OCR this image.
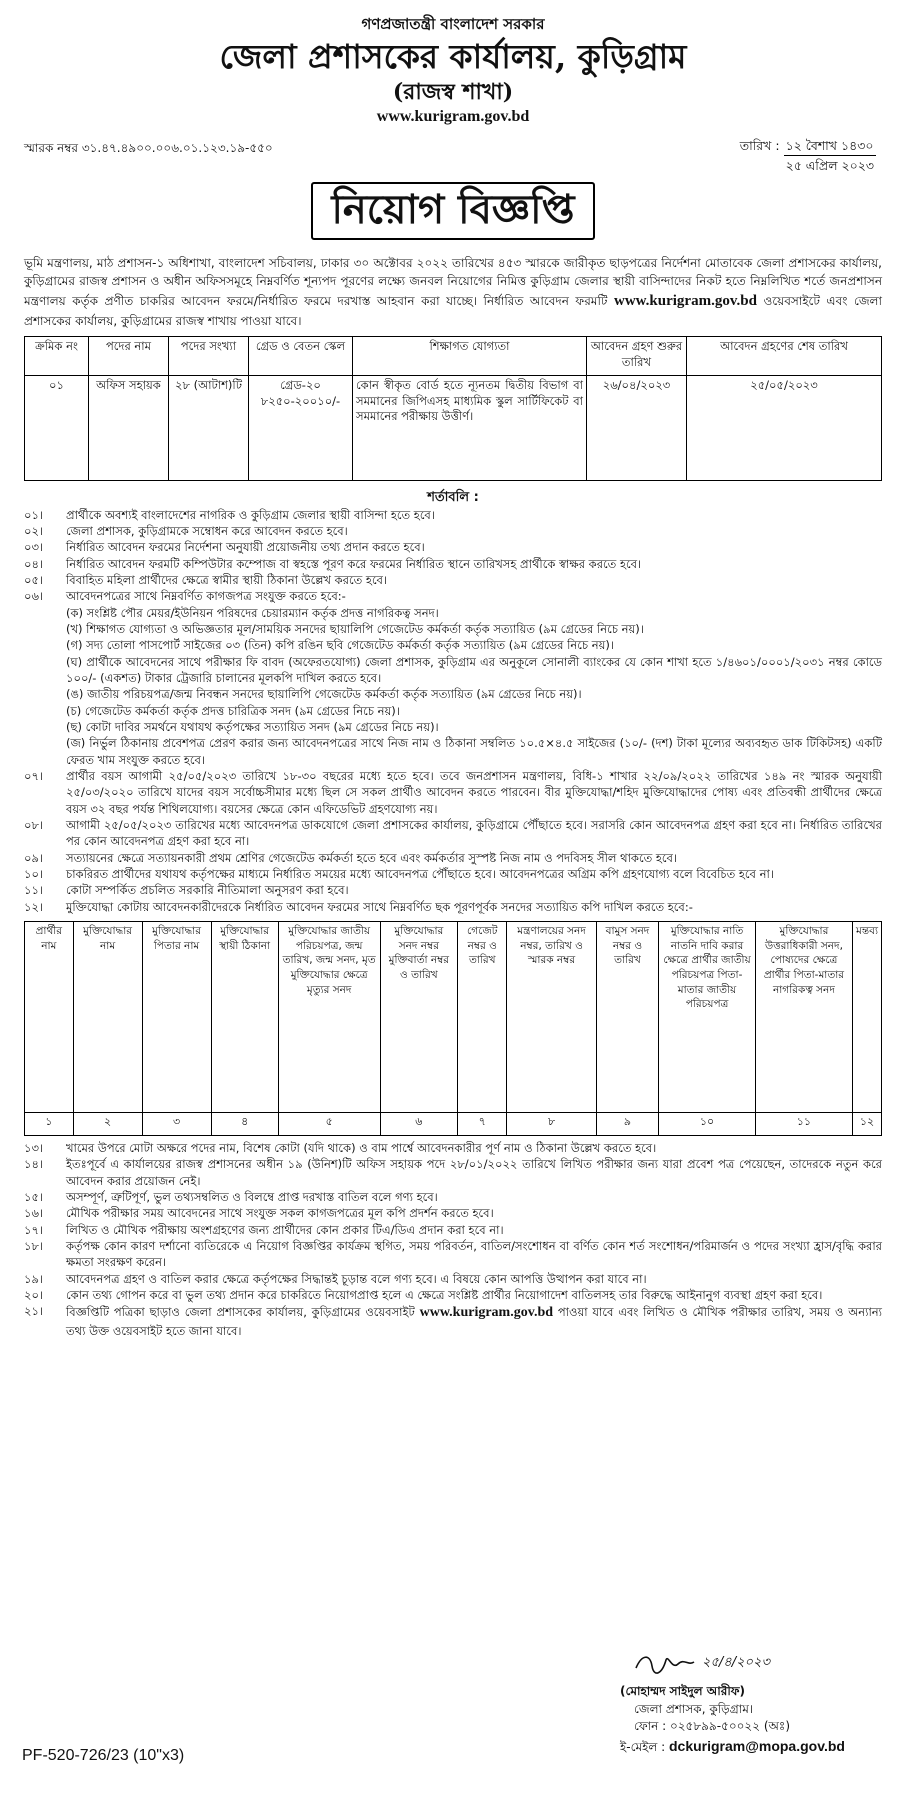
গণপ্রজাতন্ত্রী বাংলাদেশ সরকার
জেলা প্রশাসকের কার্যালয়, কুড়িগ্রাম
(রাজস্ব শাখা)
www.kurigram.gov.bd
স্মারক নম্বর ৩১.৪৭.৪৯০০.০০৬.০১.১২৩.১৯-৫৫০	তারিখ :	১২ বৈশাখ ১৪৩০
২৫ এপ্রিল ২০২৩
নিয়োগ বিজ্ঞপ্তি
ভূমি মন্ত্রণালয়, মাঠ প্রশাসন-১ অধিশাখা, বাংলাদেশ সচিবালয়, ঢাকার ৩০ অক্টোবর ২০২২ তারিখের ৪৫৩ স্মারকে জারীকৃত ছাড়পত্রের নির্দেশনা মোতাবেক জেলা প্রশাসকের কার্যালয়, কুড়িগ্রামের রাজস্ব প্রশাসন ও অধীন অফিসসমূহে নিম্নবর্ণিত শূন্যপদ পূরণের লক্ষ্যে জনবল নিয়োগের নিমিত্ত কুড়িগ্রাম জেলার স্থায়ী বাসিন্দাদের নিকট হতে নিম্নলিখিত শর্তে জনপ্রশাসন মন্ত্রণালয় কর্তৃক প্রণীত চাকরির আবেদন ফরমে/নির্ধারিত ফরমে দরখাস্ত আহবান করা যাচ্ছে। নির্ধারিত আবেদন ফরমটি www.kurigram.gov.bd ওয়েবসাইটে এবং জেলা প্রশাসকের কার্যালয়, কুড়িগ্রামের রাজস্ব শাখায় পাওয়া যাবে।
ক্রমিক নং	পদের নাম	পদের সংখ্যা	গ্রেড ও বেতন স্কেল	শিক্ষাগত যোগ্যতা	আবেদন গ্রহণ শুরুর তারিখ	আবেদন গ্রহণের শেষ তারিখ
০১	অফিস সহায়ক	২৮ (আটাশ)টি	গ্রেড-২০ ৮২৫০-২০০১০/-	কোন স্বীকৃত বোর্ড হতে ন্যূনতম দ্বিতীয় বিভাগ বা সমমানের জিপিএসহ মাধ্যমিক স্কুল সার্টিফিকেট বা সমমানের পরীক্ষায় উত্তীর্ণ।	২৬/০৪/২০২৩	২৫/০৫/২০২৩
শর্তাবলি :
০১।	প্রার্থীকে অবশ্যই বাংলাদেশের নাগরিক ও কুড়িগ্রাম জেলার স্থায়ী বাসিন্দা হতে হবে।
০২।	জেলা প্রশাসক, কুড়িগ্রামকে সম্বোধন করে আবেদন করতে হবে।
০৩।	নির্ধারিত আবেদন ফরমের নির্দেশনা অনুযায়ী প্রয়োজনীয় তথ্য প্রদান করতে হবে।
০৪।	নির্ধারিত আবেদন ফরমটি কম্পিউটার কম্পোজ বা স্বহস্তে পূরণ করে ফরমের নির্ধারিত স্থানে তারিখসহ প্রার্থীকে স্বাক্ষর করতে হবে।
০৫।	বিবাহিত মহিলা প্রার্থীদের ক্ষেত্রে স্বামীর স্থায়ী ঠিকানা উল্লেখ করতে হবে।
০৬।	আবেদনপত্রের সাথে নিম্নবর্ণিত কাগজপত্র সংযুক্ত করতে হবে:-
(ক) সংশ্লিষ্ট পৌর মেয়র/ইউনিয়ন পরিষদের চেয়ারম্যান কর্তৃক প্রদত্ত নাগরিকত্ব সনদ।
(খ) শিক্ষাগত যোগ্যতা ও অভিজ্ঞতার মূল/সাময়িক সনদের ছায়ালিপি গেজেটেড কর্মকর্তা কর্তৃক সত্যায়িত (৯ম গ্রেডের নিচে নয়)।
(গ) সদ্য তোলা পাসপোর্ট সাইজের ০৩ (তিন) কপি রঙিন ছবি গেজেটেড কর্মকর্তা কর্তৃক সত্যায়িত (৯ম গ্রেডের নিচে নয়)।
(ঘ) প্রার্থীকে আবেদনের সাথে পরীক্ষার ফি বাবদ (অফেরতযোগ্য) জেলা প্রশাসক, কুড়িগ্রাম এর অনুকূলে সোনালী ব্যাংকের যে কোন শাখা হতে ১/৪৬০১/০০০১/২০৩১ নম্বর কোডে ১০০/- (একশত) টাকার ট্রেজারি চালানের মূলকপি দাখিল করতে হবে।
(ঙ) জাতীয় পরিচয়পত্র/জন্ম নিবন্ধন সনদের ছায়ালিপি গেজেটেড কর্মকর্তা কর্তৃক সত্যায়িত (৯ম গ্রেডের নিচে নয়)।
(চ) গেজেটেড কর্মকর্তা কর্তৃক প্রদত্ত চারিত্রিক সনদ (৯ম গ্রেডের নিচে নয়)।
(ছ) কোটা দাবির সমর্থনে যথাযথ কর্তৃপক্ষের সত্যায়িত সনদ (৯ম গ্রেডের নিচে নয়)।
(জ) নির্ভুল ঠিকানায় প্রবেশপত্র প্রেরণ করার জন্য আবেদনপত্রের সাথে নিজ নাম ও ঠিকানা সম্বলিত ১০.৫×৪.৫ সাইজের (১০/- (দশ) টাকা মূল্যের অব্যবহৃত ডাক টিকিটসহ) একটি ফেরত খাম সংযুক্ত করতে হবে।
০৭।	প্রার্থীর বয়স আগামী ২৫/০৫/২০২৩ তারিখে ১৮-৩০ বছরের মধ্যে হতে হবে। তবে জনপ্রশাসন মন্ত্রণালয়, বিধি-১ শাখার ২২/০৯/২০২২ তারিখের ১৪৯ নং স্মারক অনুযায়ী ২৫/০৩/২০২০ তারিখে যাদের বয়স সর্বোচ্চসীমার মধ্যে ছিল সে সকল প্রার্থীও আবেদন করতে পারবেন। বীর মুক্তিযোদ্ধা/শহিদ মুক্তিযোদ্ধাদের পোষ্য এবং প্রতিবন্ধী প্রার্থীদের ক্ষেত্রে বয়স ৩২ বছর পর্যন্ত শিথিলযোগ্য। বয়সের ক্ষেত্রে কোন এফিডেভিট গ্রহণযোগ্য নয়।
০৮।	আগামী ২৫/০৫/২০২৩ তারিখের মধ্যে আবেদনপত্র ডাকযোগে জেলা প্রশাসকের কার্যালয়, কুড়িগ্রামে পৌঁছাতে হবে। সরাসরি কোন আবেদনপত্র গ্রহণ করা হবে না। নির্ধারিত তারিখের পর কোন আবেদনপত্র গ্রহণ করা হবে না।
০৯।	সত্যায়নের ক্ষেত্রে সত্যায়নকারী প্রথম শ্রেণির গেজেটেড কর্মকর্তা হতে হবে এবং কর্মকর্তার সুস্পষ্ট নিজ নাম ও পদবিসহ সীল থাকতে হবে।
১০।	চাকরিরত প্রার্থীদের যথাযথ কর্তৃপক্ষের মাধ্যমে নির্ধারিত সময়ের মধ্যে আবেদনপত্র পৌঁছাতে হবে। আবেদনপত্রের অগ্রিম কপি গ্রহণযোগ্য বলে বিবেচিত হবে না।
১১।	কোটা সম্পর্কিত প্রচলিত সরকারি নীতিমালা অনুসরণ করা হবে।
১২।	মুক্তিযোদ্ধা কোটায় আবেদনকারীদেরকে নির্ধারিত আবেদন ফরমের সাথে নিম্নবর্ণিত ছক পূরণপূর্বক সনদের সত্যায়িত কপি দাখিল করতে হবে:-
প্রার্থীর নাম	মুক্তিযোদ্ধার নাম	মুক্তিযোদ্ধার পিতার নাম	মুক্তিযোদ্ধার স্থায়ী ঠিকানা	মুক্তিযোদ্ধার জাতীয় পরিচয়পত্র, জন্ম তারিখ, জন্ম সনদ, মৃত মুক্তিযোদ্ধার ক্ষেত্রে মৃত্যুর সনদ	মুক্তিযোদ্ধার সনদ নম্বর মুক্তিবার্তা নম্বর ও তারিখ	গেজেট নম্বর ও তারিখ	মন্ত্রণালয়ের সনদ নম্বর, তারিখ ও স্মারক নম্বর	বামুস সনদ নম্বর ও তারিখ	মুক্তিযোদ্ধার নাতি নাতনি দাবি করার ক্ষেত্রে প্রার্থীর জাতীয় পরিচয়পত্র পিতা-মাতার জাতীয় পরিচয়পত্র	মুক্তিযোদ্ধার উত্তরাধিকারী সনদ, পোষ্যদের ক্ষেত্রে প্রার্থীর পিতা-মাতার নাগরিকত্ব সনদ	মন্তব্য
১	২	৩	৪	৫	৬	৭	৮	৯	১০	১১	১২
১৩।	খামের উপরে মোটা অক্ষরে পদের নাম, বিশেষ কোটা (যদি থাকে) ও বাম পার্শ্বে আবেদনকারীর পূর্ণ নাম ও ঠিকানা উল্লেখ করতে হবে।
১৪।	ইতঃপূর্বে এ কার্যালয়ের রাজস্ব প্রশাসনের অধীন ১৯ (উনিশ)টি অফিস সহায়ক পদে ২৮/০১/২০২২ তারিখে লিখিত পরীক্ষার জন্য যারা প্রবেশ পত্র পেয়েছেন, তাদেরকে নতুন করে আবেদন করার প্রয়োজন নেই।
১৫।	অসম্পূর্ণ, ত্রুটিপূর্ণ, ভুল তথ্যসম্বলিত ও বিলম্বে প্রাপ্ত দরখাস্ত বাতিল বলে গণ্য হবে।
১৬।	মৌখিক পরীক্ষার সময় আবেদনের সাথে সংযুক্ত সকল কাগজপত্রের মূল কপি প্রদর্শন করতে হবে।
১৭।	লিখিত ও মৌখিক পরীক্ষায় অংশগ্রহণের জন্য প্রার্থীদের কোন প্রকার টিএ/ডিএ প্রদান করা হবে না।
১৮।	কর্তৃপক্ষ কোন কারণ দর্শানো ব্যতিরেকে এ নিয়োগ বিজ্ঞপ্তির কার্যক্রম স্থগিত, সময় পরিবর্তন, বাতিল/সংশোধন বা বর্ণিত কোন শর্ত সংশোধন/পরিমার্জন ও পদের সংখ্যা হ্রাস/বৃদ্ধি করার ক্ষমতা সংরক্ষণ করেন।
১৯।	আবেদনপত্র গ্রহণ ও বাতিল করার ক্ষেত্রে কর্তৃপক্ষের সিদ্ধান্তই চূড়ান্ত বলে গণ্য হবে। এ বিষয়ে কোন আপত্তি উত্থাপন করা যাবে না।
২০।	কোন তথ্য গোপন করে বা ভুল তথ্য প্রদান করে চাকরিতে নিয়োগপ্রাপ্ত হলে এ ক্ষেত্রে সংশ্লিষ্ট প্রার্থীর নিয়োগাদেশ বাতিলসহ তার বিরুদ্ধে আইনানুগ ব্যবস্থা গ্রহণ করা হবে।
২১।	বিজ্ঞপ্তিটি পত্রিকা ছাড়াও জেলা প্রশাসকের কার্যালয়, কুড়িগ্রামের ওয়েবসাইট www.kurigram.gov.bd পাওয়া যাবে এবং লিখিত ও মৌখিক পরীক্ষার তারিখ, সময় ও অন্যান্য তথ্য উক্ত ওয়েবসাইট হতে জানা যাবে।
২৫/৪/২০২৩
(মোহাম্মদ সাইদুল আরীফ)
জেলা প্রশাসক, কুড়িগ্রাম।
ফোন : ০২৫৮৯৯-৫০০২২ (অঃ)
ই-মেইল : dckurigram@mopa.gov.bd
PF-520-726/23 (10"x3)
